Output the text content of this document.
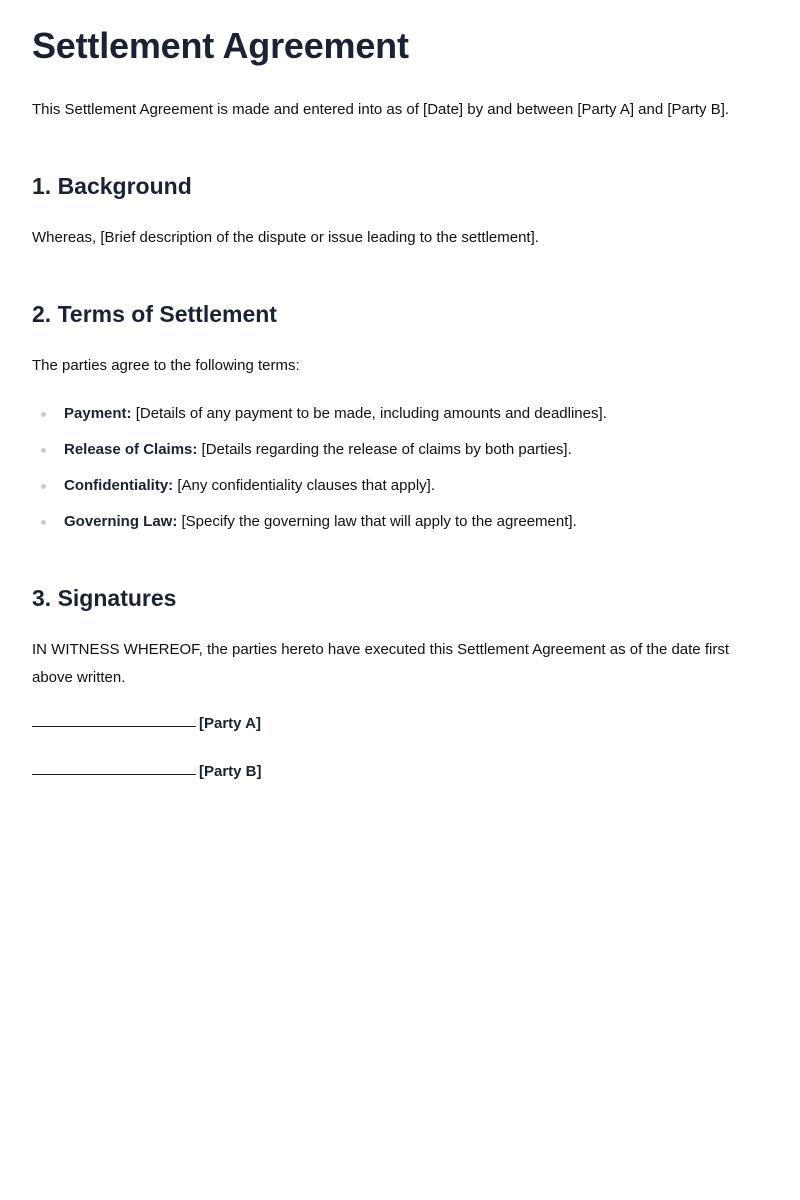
Settlement Agreement

This Settlement Agreement is made and entered into as of [Date] by and between [Party A] and [Party B].

1. Background

Whereas, [Brief description of the dispute or issue leading to the settlement].

2. Terms of Settlement

The parties agree to the following terms:

Payment: [Details of any payment to be made, including amounts and deadlines].
Release of Claims: [Details regarding the release of claims by both parties].
Confidentiality: [Any confidentiality clauses that apply].
Governing Law: [Specify the governing law that will apply to the agreement].
3. Signatures

IN WITNESS WHEREOF, the parties hereto have executed this Settlement Agreement as of the date first above written.

[Party A]
[Party B]
